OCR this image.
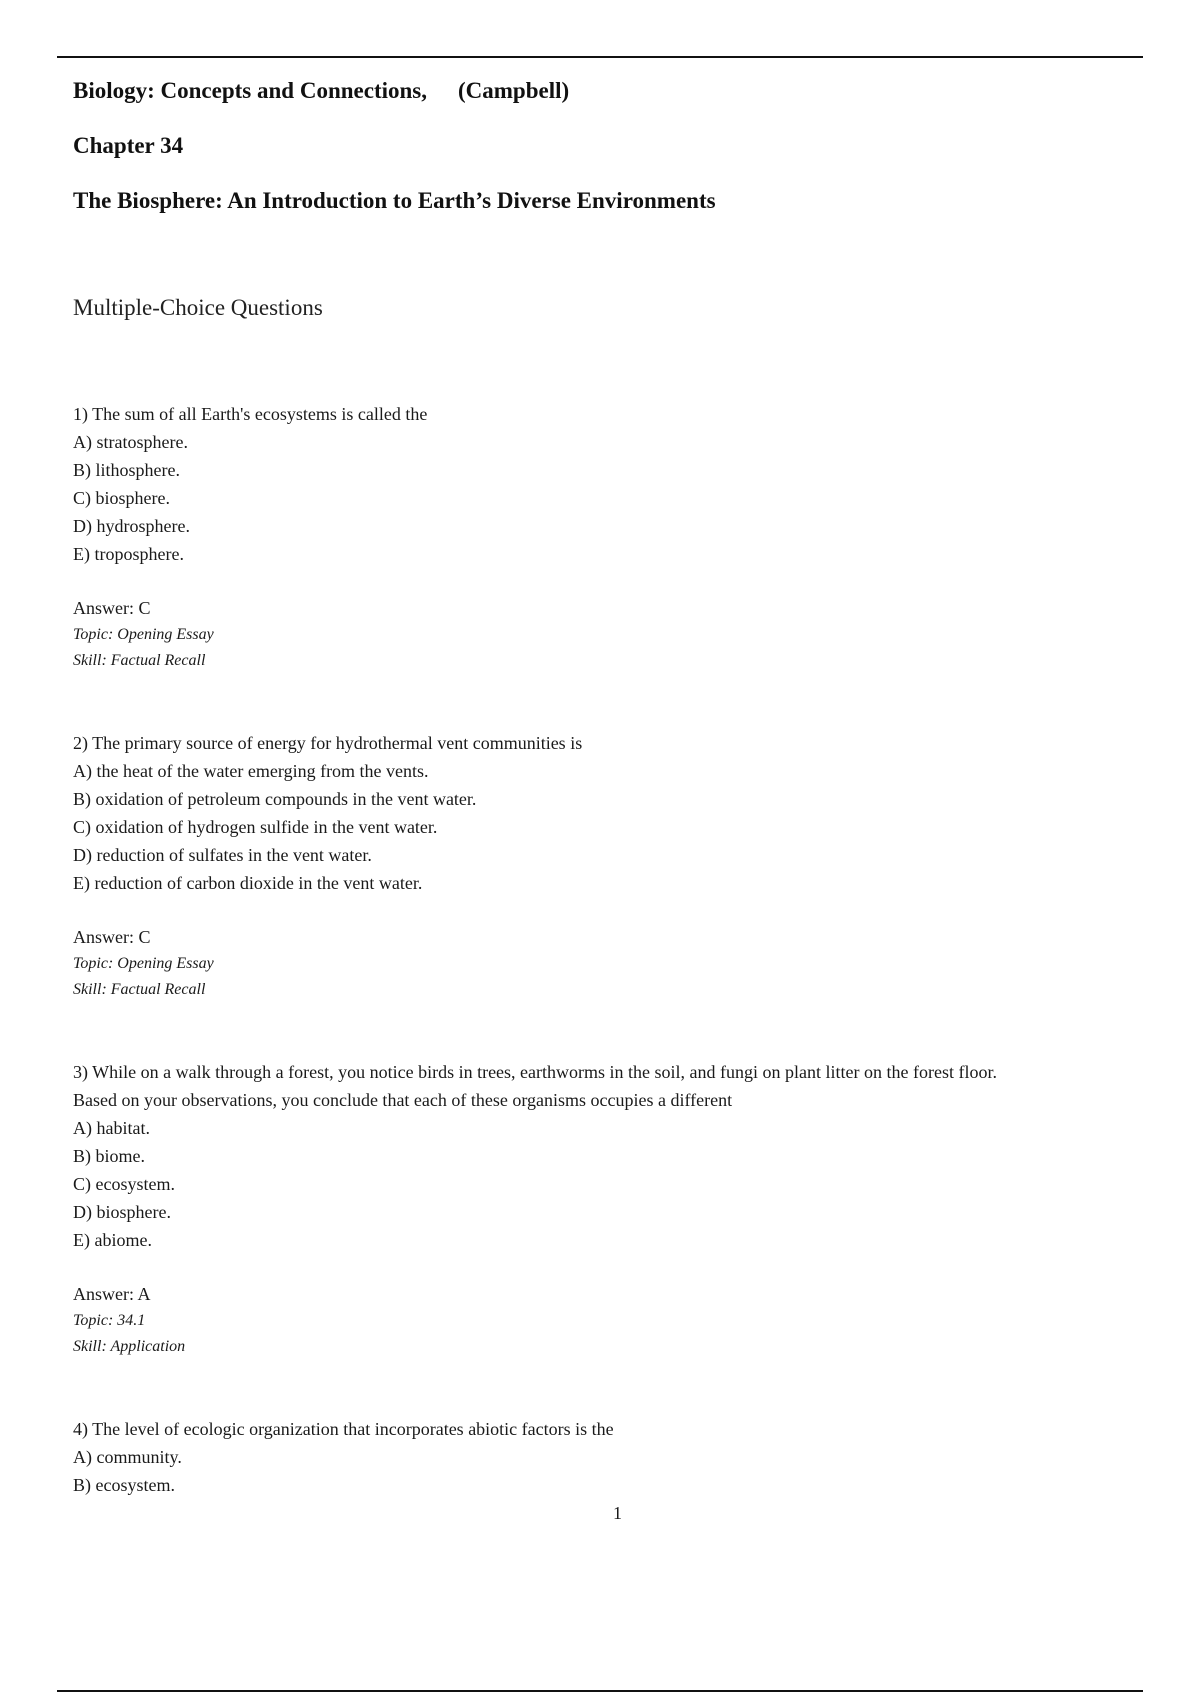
Biology: Concepts and Connections, (Campbell)
Chapter 34
The Biosphere: An Introduction to Earth’s Diverse Environments
Multiple-Choice Questions
1) The sum of all Earth's ecosystems is called the
A) stratosphere.
B) lithosphere.
C) biosphere.
D) hydrosphere.
E) troposphere.
Answer: C
Topic: Opening Essay
Skill: Factual Recall
2) The primary source of energy for hydrothermal vent communities is
A) the heat of the water emerging from the vents.
B) oxidation of petroleum compounds in the vent water.
C) oxidation of hydrogen sulfide in the vent water.
D) reduction of sulfates in the vent water.
E) reduction of carbon dioxide in the vent water.
Answer: C
Topic: Opening Essay
Skill: Factual Recall
3) While on a walk through a forest, you notice birds in trees, earthworms in the soil, and fungi on plant litter on the forest floor.
Based on your observations, you conclude that each of these organisms occupies a different
A) habitat.
B) biome.
C) ecosystem.
D) biosphere.
E) abiome.
Answer: A
Topic: 34.1
Skill: Application
4) The level of ecologic organization that incorporates abiotic factors is the
A) community.
B) ecosystem.
1
